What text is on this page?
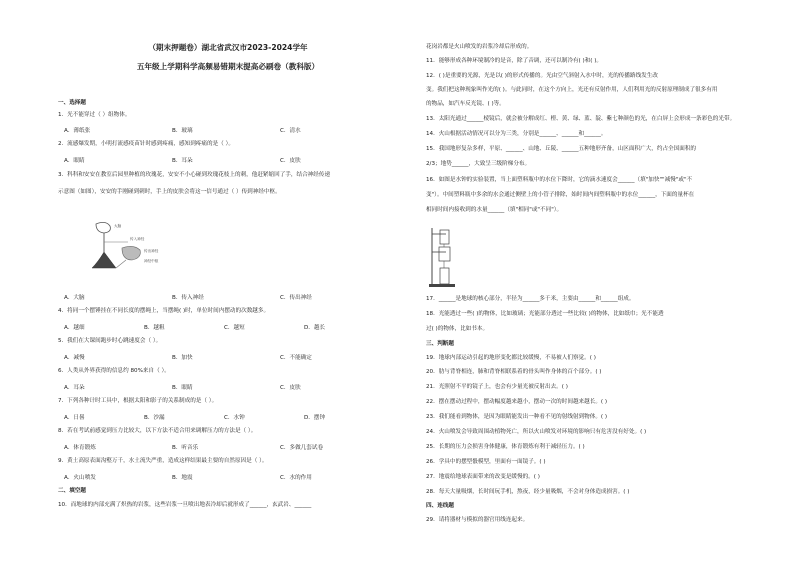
（期末押题卷）湖北省武汉市2023-2024学年
五年级上学期科学高频易错期末提高必刷卷（教科版）
一、选择题
1．光不能穿过（ ）组物体。
A．薄纸张	B．玻璃	C．清水
2．流感爆发期，小明打流感疫苗针时感到疼痛，感知到疼痛的是（ ）。
A．眼睛	B．耳朵	C．皮肤
3．科科和安安在教室后园里种植的玫瑰花，安安不小心碰到玫瑰花枝上的刺，他赶紧缩回了手，结合神经传递
示意图（如图），安安的手刚碰到刺时，手上的皮肤会将这一信号通过（ ）传到神经中枢。
大脑
传入神经
传出神经
神经中枢
A．大脑	B．传入神经	C．传出神经
4．将同一个摆锤挂在不同长度的摆绳上，当摆绳( )时，单位时间内摆动的次数越多。
A．越细	B．越粗	C．越短	D．越长
5．我们在大课间跑步时心跳速度会（ ）。
A．减慢	B．加快	C．不能确定
6．人类从外界获得的信息约 80%来自（ ）。
A．耳朵	B．眼睛	C．皮肤
7．下列各种计时工具中，根据太阳和影子的关系制成的是（ ）。
A．日晷	B．沙漏	C．水钟	D．摆钟
8．若在考试前感觉到压力比较大，以下方法不适合用来调解压力的方法是（ ）。
A．体育锻炼	B．听音乐	C．多做几套试卷
9．黄土高原表面沟壑万千，水土流失严重，造成这样结果最主要的自然原因是（ ）。
A．火山喷发	B．地震	C．水的作用
二、填空题
10．而地球的内部充满了炽热的岩浆，这些岩浆一旦喷出地表冷却后就形成了______，玄武岩、______
花岗岩都是火山喷发的岩浆冷却后形成的。
11．能够形成各种环境制冷的是音，除了音调，还可以制冷有( )和( )。
12．( )是重要的光源，光是以( )的形式传播的。光由空气斜射入水中时，光的传播路线发生改
变。我们把这种现象叫作光的( )。与此同时，在这个方向上，光还有反射作用，人们利用光的反射原理制成了很多有用
的物品，如汽车反光镜、( )等。
13．太阳光通过______棱镜后，就会被分解成红、橙、黄、绿、蓝、靛、紫七种颜色的光，在白屏上会形成一条彩色的光带。
14．火山根据活动情况可以分为三类，分别是______、______和______。
15．我国地形复杂多样，平原、______、山地、丘陵、______五种地形齐备，山区面积广大，约占全国面积的
2/3；地势______，大致呈三级阶梯分布。
16．如图是水钟的实验装置，当上面塑料瓶中的水位下降时，它的滴水速度会______（填"加快""减慢"或"不
变"）。中间塑料瓶中多余的水会通过侧壁上的小管子排除，始时间内间塑料瓶中的水位______，下面的量杯在
相同时间内接收到的水量______（填"相同"或"不同"）。
17．______是地球的核心部分，半径为______多千米，主要由______和______组成。
18．光能透过一些( )的物体，比如玻璃；光能部分透过一些比较( )的物体，比如纸巾；光不能透
过( )的物体，比如书本。
三、判断题
19．地球内部运动引起的地形变化都比较缓慢，不易被人们察觉。( )
20．肋与背脊相连，肺和背脊相联系着的骨头叫作身体的百个部分。( )
21．光照射不平的镜子上，也会有少量光被反射出去。( )
22．摆在摆动过程中，摆动幅度越来越小，摆动一次的时间越来越长。( )
23．我们能看到物体，是因为眼睛能发出一种看不见的射线射到物体。( )
24．火山喷发会导致周围动植物死亡，所以火山喷发对环境的影响只有危害没有好处。( )
25．长期的压力会损害身体健康，体育锻炼有利于减轻压力。( )
26．学具中的摆型骰模型，里面有一面镜子。( )
27．地震给地球表面带来的改变是缓慢的。( )
28．每天大量吸烟，长时间玩手机，熬夜，经少量吸烟，不会对身体造成损害。( )
四、连线题
29．请将器材与模拟的器官用线连起来。
